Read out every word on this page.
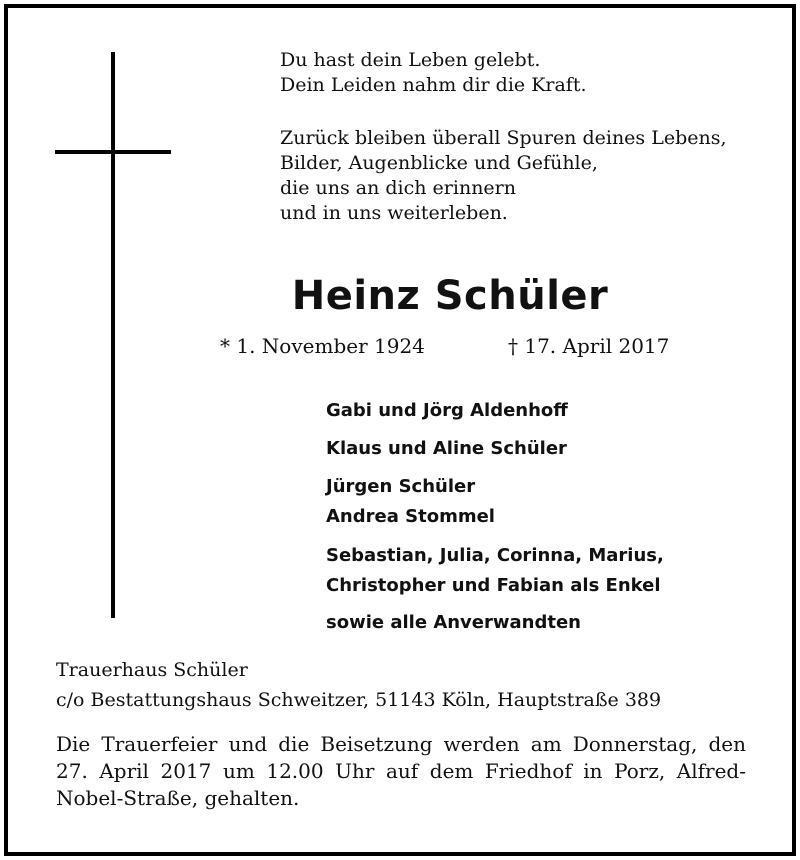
Du hast dein Leben gelebt.
Dein Leiden nahm dir die Kraft.
Zurück bleiben überall Spuren deines Lebens,
Bilder, Augenblicke und Gefühle,
die uns an dich erinnern
und in uns weiterleben.
Heinz Schüler
* 1. November 1924	† 17. April 2017
Gabi und Jörg Aldenhoff
Klaus und Aline Schüler
Jürgen Schüler
Andrea Stommel
Sebastian, Julia, Corinna, Marius,
Christopher und Fabian als Enkel
sowie alle Anverwandten
Trauerhaus Schüler
c/o Bestattungshaus Schweitzer, 51143 Köln, Hauptstraße 389
Die Trauerfeier und die Beisetzung werden am Donnerstag, den
27. April 2017 um 12.00 Uhr auf dem Friedhof in Porz, Alfred-
Nobel-Straße, gehalten.
